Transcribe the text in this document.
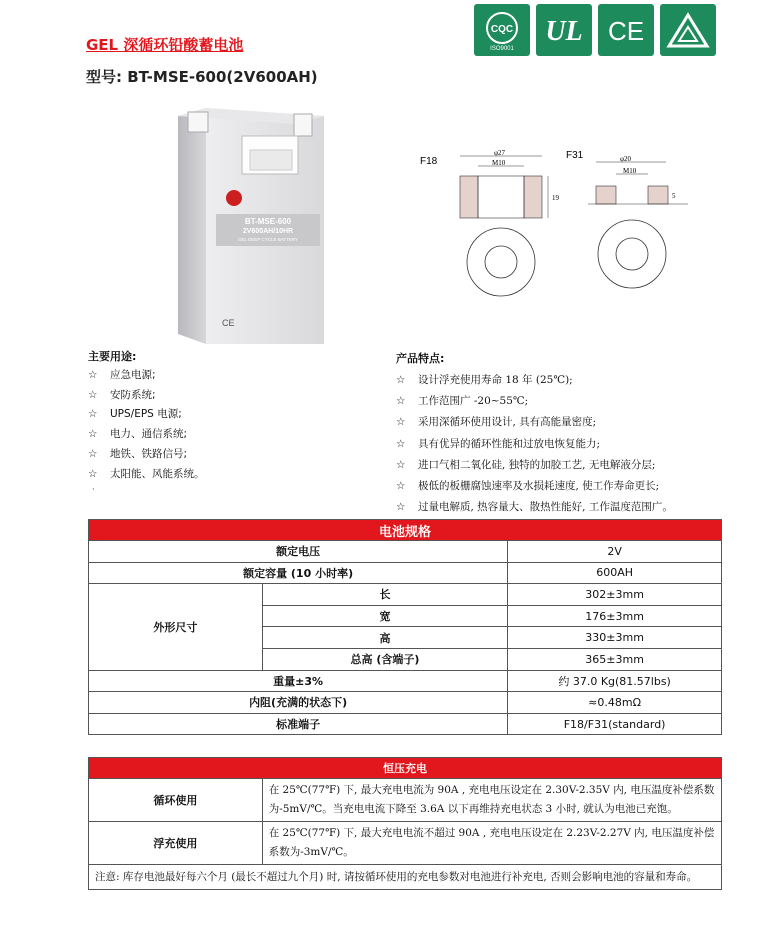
GEL 深循环铅酸蓄电池
型号: BT-MSE-600(2V600AH)
CQC
ISO9001
UL CE
BT-MSE-600
2V600AH/10HR
GEL DEEP CYCLE BATTERY
CE
F18
φ27
M10
19
F31	φ20
M10
5
主要用途:
☆ 应急电源;
☆ 安防系统;
☆ UPS/EPS 电源;
☆ 电力、通信系统;
☆ 地铁、铁路信号;
☆ 太阳能、风能系统。
·
产品特点:
☆ 设计浮充使用寿命 18 年 (25℃);
☆ 工作范围广 -20~55℃;
☆ 采用深循环使用设计, 具有高能量密度;
☆ 具有优异的循环性能和过放电恢复能力;
☆ 进口气相二氧化硅, 独特的加胶工艺, 无电解液分层;
☆ 极低的板栅腐蚀速率及水损耗速度, 使工作寿命更长;
☆ 过量电解质, 热容量大、散热性能好, 工作温度范围广。
电池规格		
额定电压		2V
额定容量 (10 小时率)		600AH
外形尺寸	长	302±3mm
	宽	176±3mm
	高	330±3mm
	总高 (含端子)	365±3mm
重量±3%		约 37.0 Kg(81.57lbs)
内阻(充满的状态下)		≈0.48mΩ
标准端子		F18/F31(standard)
恒压充电	
循环使用	在 25℃(77℉) 下, 最大充电电流为 90A , 充电电压设定在 2.30V-2.35V 内, 电压温度补偿系数为-5mV/℃。当充电电流下降至 3.6A 以下再维持充电状态 3 小时, 就认为电池已充饱。
浮充使用	在 25℃(77℉) 下, 最大充电电流不超过 90A , 充电电压设定在 2.23V-2.27V 内, 电压温度补偿系数为-3mV/℃。
注意: 库存电池最好每六个月 (最长不超过九个月) 时, 请按循环使用的充电参数对电池进行补充电, 否则会影响电池的容量和寿命。	
